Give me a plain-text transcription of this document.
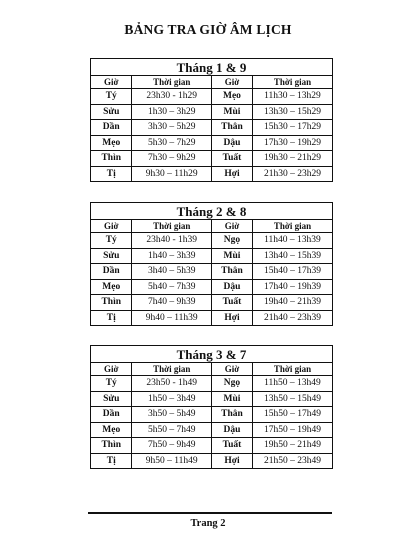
BẢNG TRA GIỜ ÂM LỊCH
Tháng 1 & 9
Giờ	Thời gian	Giờ	Thời gian
Tý	23h30 - 1h29	Mẹo	11h30 – 13h29
Sửu	1h30 – 3h29	Mùi	13h30 – 15h29
Dần	3h30 – 5h29	Thân	15h30 – 17h29
Mẹo	5h30 – 7h29	Dậu	17h30 – 19h29
Thìn	7h30 – 9h29	Tuất	19h30 – 21h29
Tị	9h30 – 11h29	Hợi	21h30 – 23h29
Tháng 2 & 8
Giờ	Thời gian	Giờ	Thời gian
Tý	23h40 - 1h39	Ngọ	11h40 – 13h39
Sửu	1h40 – 3h39	Mùi	13h40 – 15h39
Dần	3h40 – 5h39	Thân	15h40 – 17h39
Mẹo	5h40 – 7h39	Dậu	17h40 – 19h39
Thìn	7h40 – 9h39	Tuất	19h40 – 21h39
Tị	9h40 – 11h39	Hợi	21h40 – 23h39
Tháng 3 & 7
Giờ	Thời gian	Giờ	Thời gian
Tý	23h50 - 1h49	Ngọ	11h50 – 13h49
Sửu	1h50 – 3h49	Mùi	13h50 – 15h49
Dần	3h50 – 5h49	Thân	15h50 – 17h49
Mẹo	5h50 – 7h49	Dậu	17h50 – 19h49
Thìn	7h50 – 9h49	Tuất	19h50 – 21h49
Tị	9h50 – 11h49	Hợi	21h50 – 23h49
Trang 2
